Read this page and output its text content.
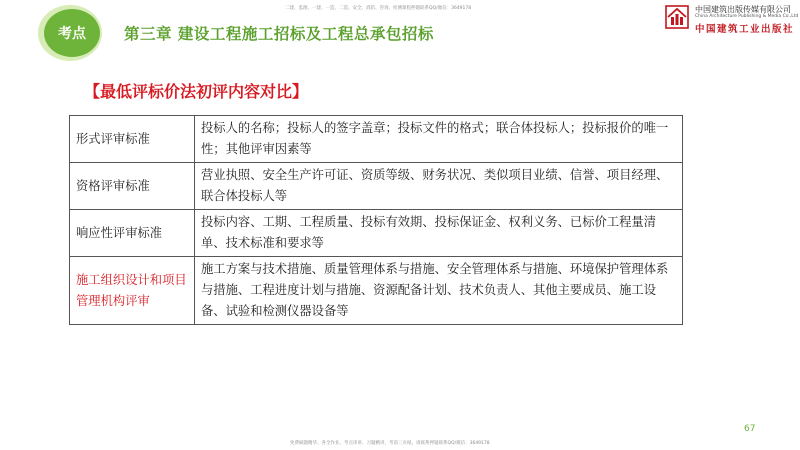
考点 第三章 建设工程施工招标及工程总承包招标
二建、监理、一建、一造、二造、安全、消防、咨询、检测课程押题联系QQ/微信：3649178	中国建筑出版传媒有限公司
China Architecture Publishing & Media Co.,Ltd
中国建筑工业出版社
【最低评标价法初评内容对比】
形式评审标准	投标人的名称；投标人的签字盖章；投标文件的格式；联合体投标人；投标报价的唯一性；其他评审因素等
资格评审标准	营业执照、安全生产许可证、资质等级、财务状况、类似项目业绩、信誉、项目经理、联合体投标人等
响应性评审标准	投标内容、工期、工程质量、投标有效期、投标保证金、权利义务、已标价工程量清单、技术标准和要求等
施工组织设计和项目管理机构评审	施工方案与技术措施、质量管理体系与措施、安全管理体系与措施、环境保护管理体系与措施、工程进度计划与措施、资源配备计划、技术负责人、其他主要成员、施工设备、试验和检测仪器设备等
67
免费刷题精华、各全作业、考点串讲、习题精讲，考前三页纸，请联系押题联系QQ/微信：3649178
